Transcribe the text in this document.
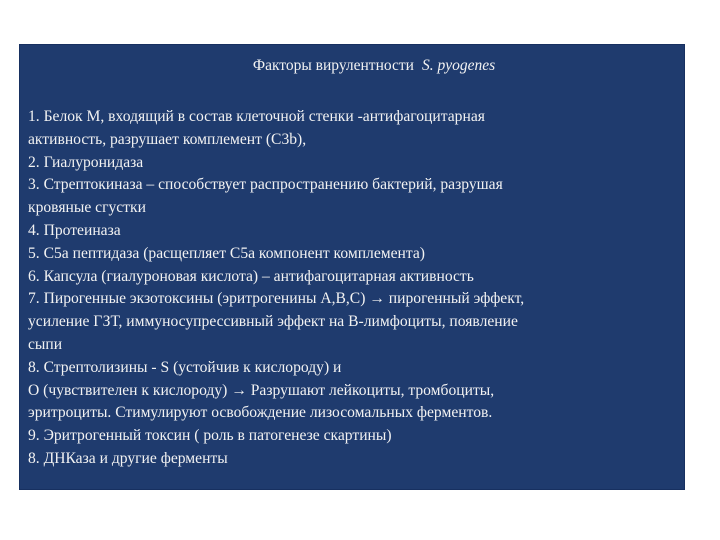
Факторы вирулентности S. pyogenes
1. Белок М, входящий в состав клеточной стенки -антифагоцитарная
активность, разрушает комплемент (С3b),
2. Гиалуронидаза
3. Стрептокиназа – способствует распространению бактерий, разрушая
кровяные сгустки
4. Протеиназа
5. С5а пептидаза (расщепляет С5а компонент комплемента)
6. Капсула (гиалуроновая кислота) – антифагоцитарная активность
7. Пирогенные экзотоксины (эритрогенины А,В,С) → пирогенный эффект,
усиление ГЗТ, иммуносупрессивный эффект на В-лимфоциты, появление
сыпи
8. Стрептолизины - S (устойчив к кислороду) и
О (чувствителен к кислороду) → Разрушают лейкоциты, тромбоциты,
эритроциты. Стимулируют освобождение лизосомальных ферментов.
9. Эритрогенный токсин ( роль в патогенезе скартины)
8. ДНКаза и другие ферменты
